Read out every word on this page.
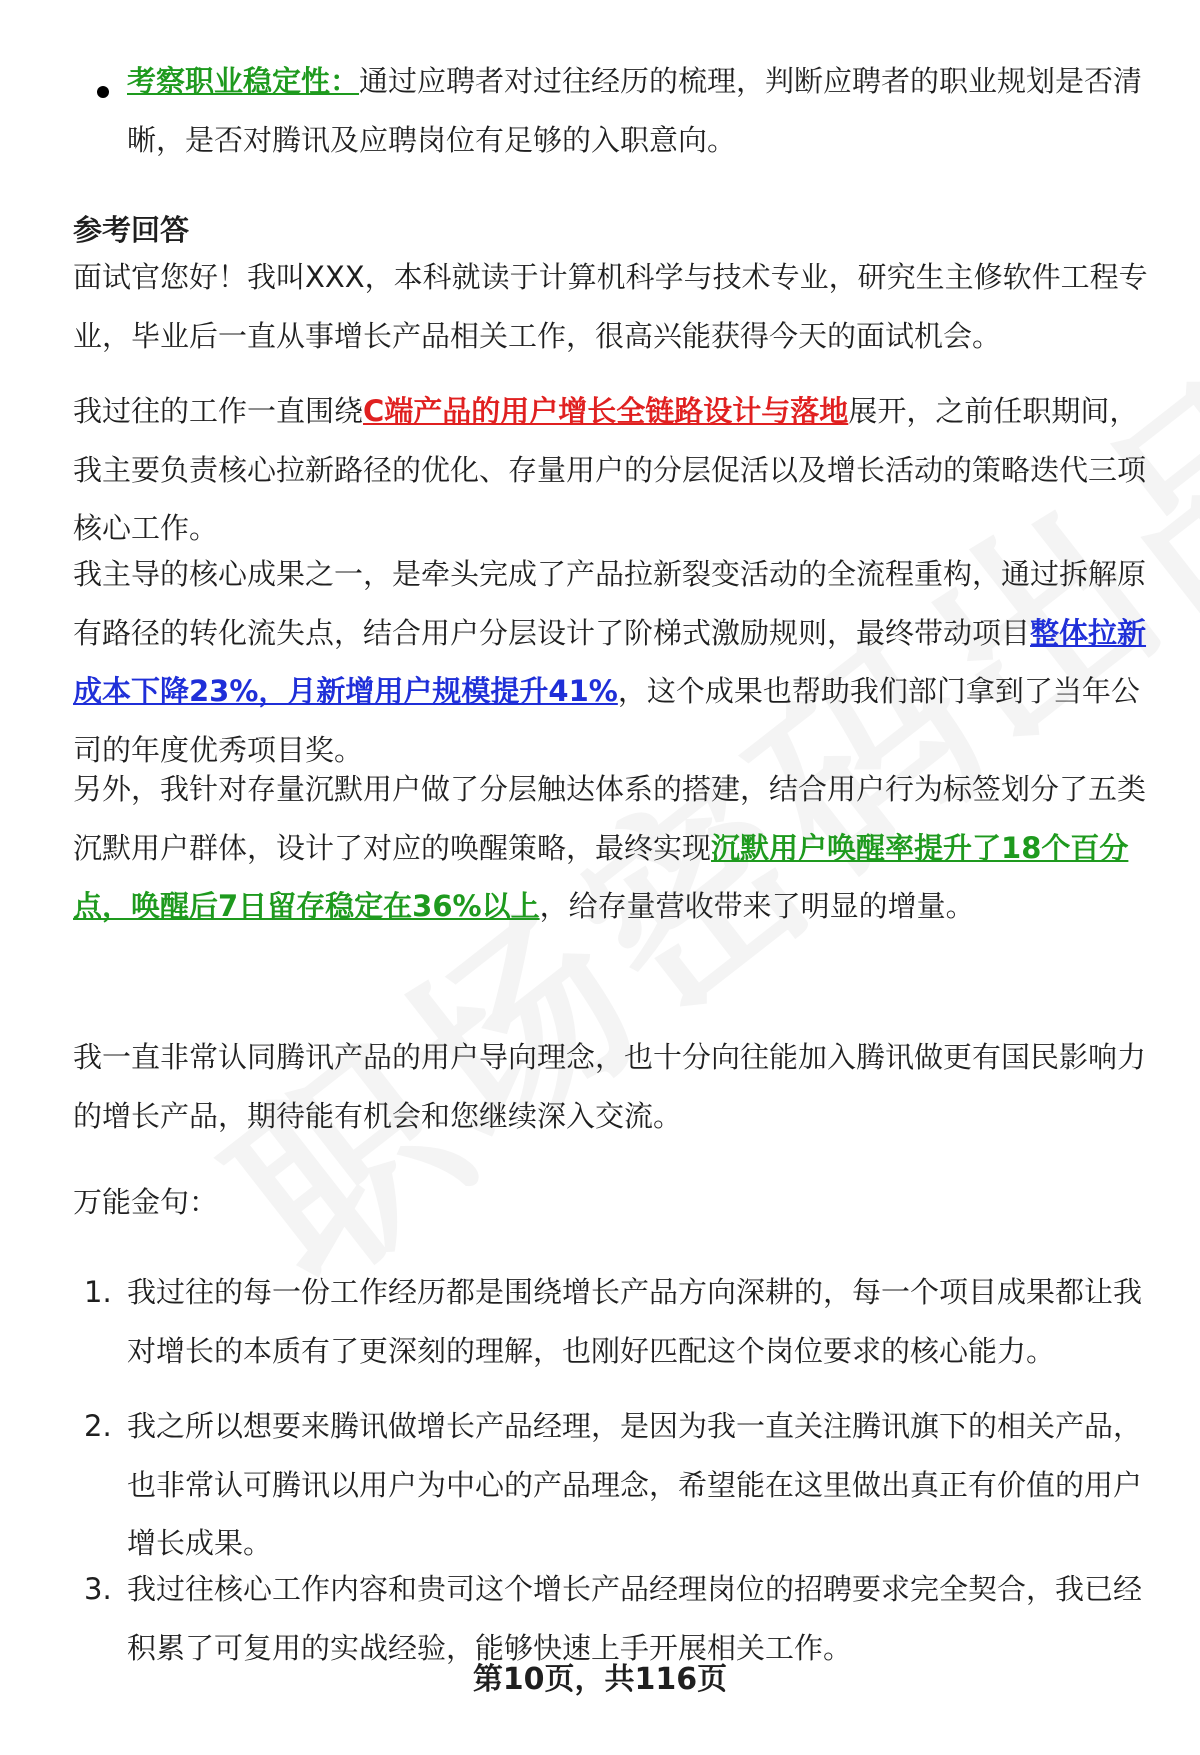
考察职业稳定性：通过应聘者对过往经历的梳理，判断应聘者的职业规划是否清晰，是否对腾讯及应聘岗位有足够的入职意向。
参考回答
面试官您好！我叫XXX，本科就读于计算机科学与技术专业，研究生主修软件工程专业，毕业后一直从事增长产品相关工作，很高兴能获得今天的面试机会。
我过往的工作一直围绕C端产品的用户增长全链路设计与落地展开，之前任职期间，我主要负责核心拉新路径的优化、存量用户的分层促活以及增长活动的策略迭代三项核心工作。
我主导的核心成果之一，是牵头完成了产品拉新裂变活动的全流程重构，通过拆解原有路径的转化流失点，结合用户分层设计了阶梯式激励规则，最终带动项目整体拉新成本下降23%，月新增用户规模提升41%，这个成果也帮助我们部门拿到了当年公司的年度优秀项目奖。
另外，我针对存量沉默用户做了分层触达体系的搭建，结合用户行为标签划分了五类沉默用户群体，设计了对应的唤醒策略，最终实现沉默用户唤醒率提升了18个百分点，唤醒后7日留存稳定在36%以上，给存量营收带来了明显的增量。
我一直非常认同腾讯产品的用户导向理念，也十分向往能加入腾讯做更有国民影响力的增长产品，期待能有机会和您继续深入交流。
万能金句：
1. 我过往的每一份工作经历都是围绕增长产品方向深耕的，每一个项目成果都让我对增长的本质有了更深刻的理解，也刚好匹配这个岗位要求的核心能力。
2. 我之所以想要来腾讯做增长产品经理，是因为我一直关注腾讯旗下的相关产品，也非常认可腾讯以用户为中心的产品理念，希望能在这里做出真正有价值的用户增长成果。
3. 我过往核心工作内容和贵司这个增长产品经理岗位的招聘要求完全契合，我已经积累了可复用的实战经验，能够快速上手开展相关工作。
第10页，共116页
